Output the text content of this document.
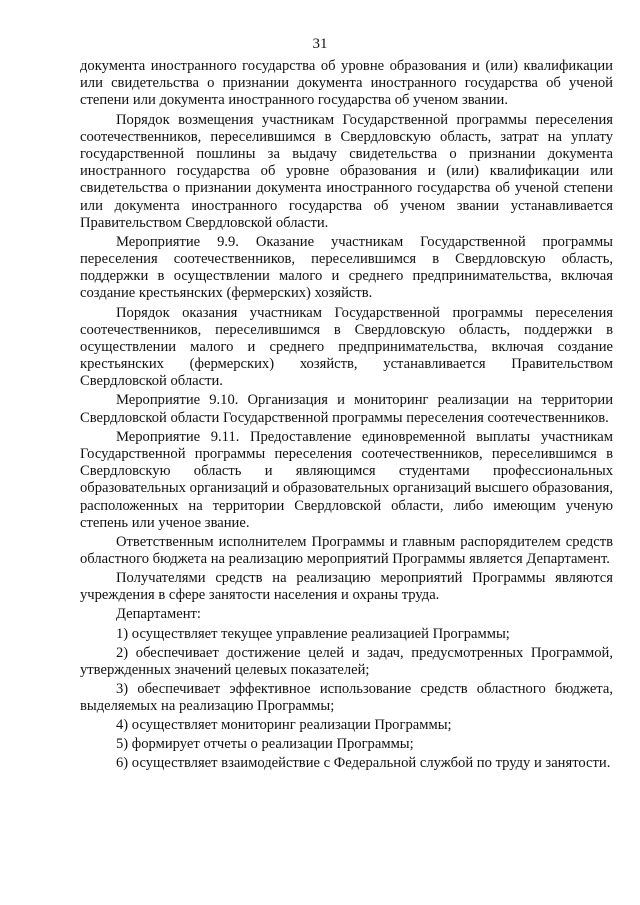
31

документа иностранного государства об уровне образования и (или) квалификации или свидетельства о признании документа иностранного государства об ученой степени или документа иностранного государства об ученом звании.

Порядок возмещения участникам Государственной программы переселения соотечественников, переселившимся в Свердловскую область, затрат на уплату государственной пошлины за выдачу свидетельства о признании документа иностранного государства об уровне образования и (или) квалификации или свидетельства о признании документа иностранного государства об ученой степени или документа иностранного государства об ученом звании устанавливается Правительством Свердловской области.

Мероприятие 9.9. Оказание участникам Государственной программы переселения соотечественников, переселившимся в Свердловскую область, поддержки в осуществлении малого и среднего предпринимательства, включая создание крестьянских (фермерских) хозяйств.

Порядок оказания участникам Государственной программы переселения соотечественников, переселившимся в Свердловскую область, поддержки в осуществлении малого и среднего предпринимательства, включая создание крестьянских (фермерских) хозяйств, устанавливается Правительством Свердловской области.

Мероприятие 9.10. Организация и мониторинг реализации на территории Свердловской области Государственной программы переселения соотечественников.

Мероприятие 9.11. Предоставление единовременной выплаты участникам Государственной программы переселения соотечественников, переселившимся в Свердловскую область и являющимся студентами профессиональных образовательных организаций и образовательных организаций высшего образования, расположенных на территории Свердловской области, либо имеющим ученую степень или ученое звание.

Ответственным исполнителем Программы и главным распорядителем средств областного бюджета на реализацию мероприятий Программы является Департамент.

Получателями средств на реализацию мероприятий Программы являются учреждения в сфере занятости населения и охраны труда.

Департамент:

1) осуществляет текущее управление реализацией Программы;

2) обеспечивает достижение целей и задач, предусмотренных Программой, утвержденных значений целевых показателей;

3) обеспечивает эффективное использование средств областного бюджета, выделяемых на реализацию Программы;

4) осуществляет мониторинг реализации Программы;

5) формирует отчеты о реализации Программы;

6) осуществляет взаимодействие с Федеральной службой по труду и занятости.
